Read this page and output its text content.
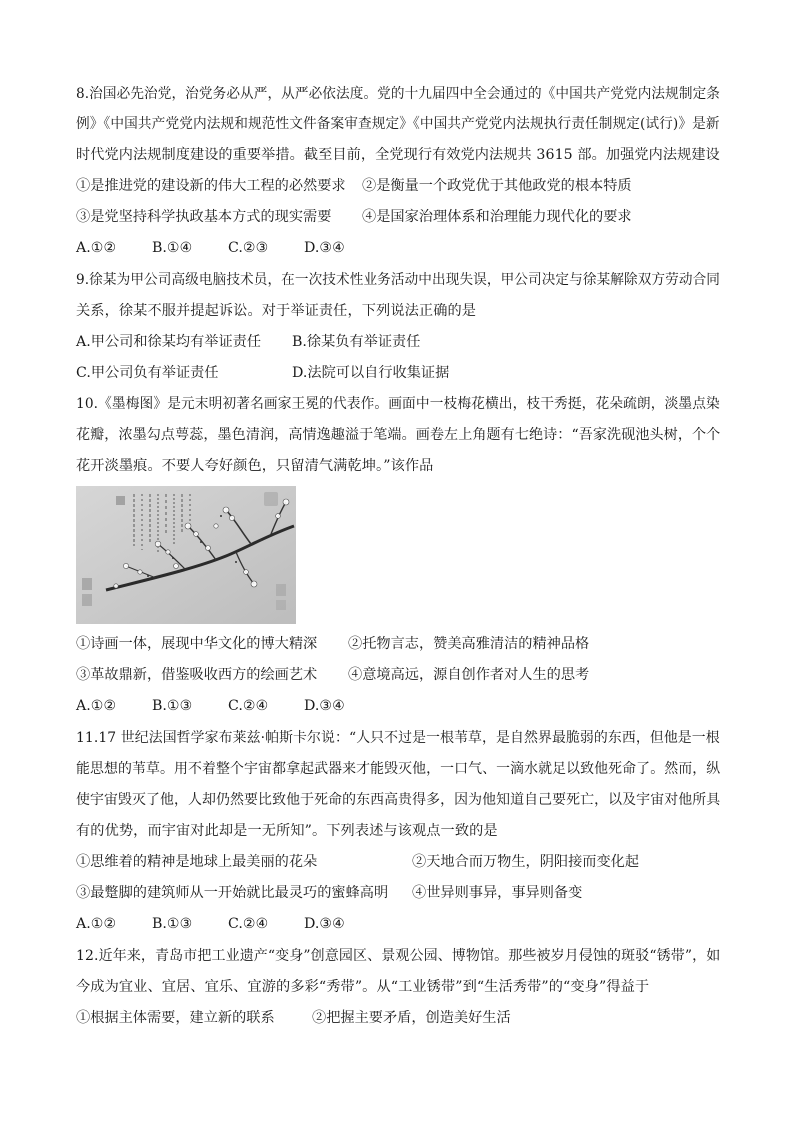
8.治国必先治党，治党务必从严，从严必依法度。党的十九届四中全会通过的《中国共产党党内法规制定条
例》《中国共产党党内法规和规范性文件备案审查规定》《中国共产党党内法规执行责任制规定(试行)》是新
时代党内法规制度建设的重要举措。截至目前，全党现行有效党内法规共 3615 部。加强党内法规建设
①是推进党的建设新的伟大工程的必然要求 ②是衡量一个政党优于其他政党的根本特质
③是党坚持科学执政基本方式的现实需要 ④是国家治理体系和治理能力现代化的要求
A.①②	B.①④	C.②③	D.③④
9.徐某为甲公司高级电脑技术员，在一次技术性业务活动中出现失误，甲公司决定与徐某解除双方劳动合同
关系，徐某不服并提起诉讼。对于举证责任，下列说法正确的是
A.甲公司和徐某均有举证责任 B.徐某负有举证责任
C.甲公司负有举证责任	D.法院可以自行收集证据
10.《墨梅图》是元末明初著名画家王冕的代表作。画面中一枝梅花横出，枝干秀挺，花朵疏朗，淡墨点染
花瓣，浓墨勾点萼蕊，墨色清润，高情逸趣溢于笔端。画卷左上角题有七绝诗：“吾家洗砚池头树，个个
花开淡墨痕。不要人夸好颜色，只留清气满乾坤。”该作品
①诗画一体，展现中华文化的博大精深 ②托物言志，赞美高雅清洁的精神品格
③革故鼎新，借鉴吸收西方的绘画艺术 ④意境高远，源自创作者对人生的思考
A.①②	B.①③	C.②④	D.③④
11.17 世纪法国哲学家布莱兹·帕斯卡尔说：“人只不过是一根苇草，是自然界最脆弱的东西，但他是一根
能思想的苇草。用不着整个宇宙都拿起武器来才能毁灭他，一口气、一滴水就足以致他死命了。然而，纵
使宇宙毁灭了他，人却仍然要比致他于死命的东西高贵得多，因为他知道自己要死亡，以及宇宙对他所具
有的优势，而宇宙对此却是一无所知”。下列表述与该观点一致的是
①思维着的精神是地球上最美丽的花朵	②天地合而万物生，阴阳接而变化起
③最蹩脚的建筑师从一开始就比最灵巧的蜜蜂高明 ④世异则事异，事异则备变
A.①②	B.①③	C.②④	D.③④
12.近年来，青岛市把工业遗产“变身”创意园区、景观公园、博物馆。那些被岁月侵蚀的斑驳“锈带”，如
今成为宜业、宜居、宜乐、宜游的多彩“秀带”。从“工业锈带”到“生活秀带”的“变身”得益于
①根据主体需要，建立新的联系	②把握主要矛盾，创造美好生活
